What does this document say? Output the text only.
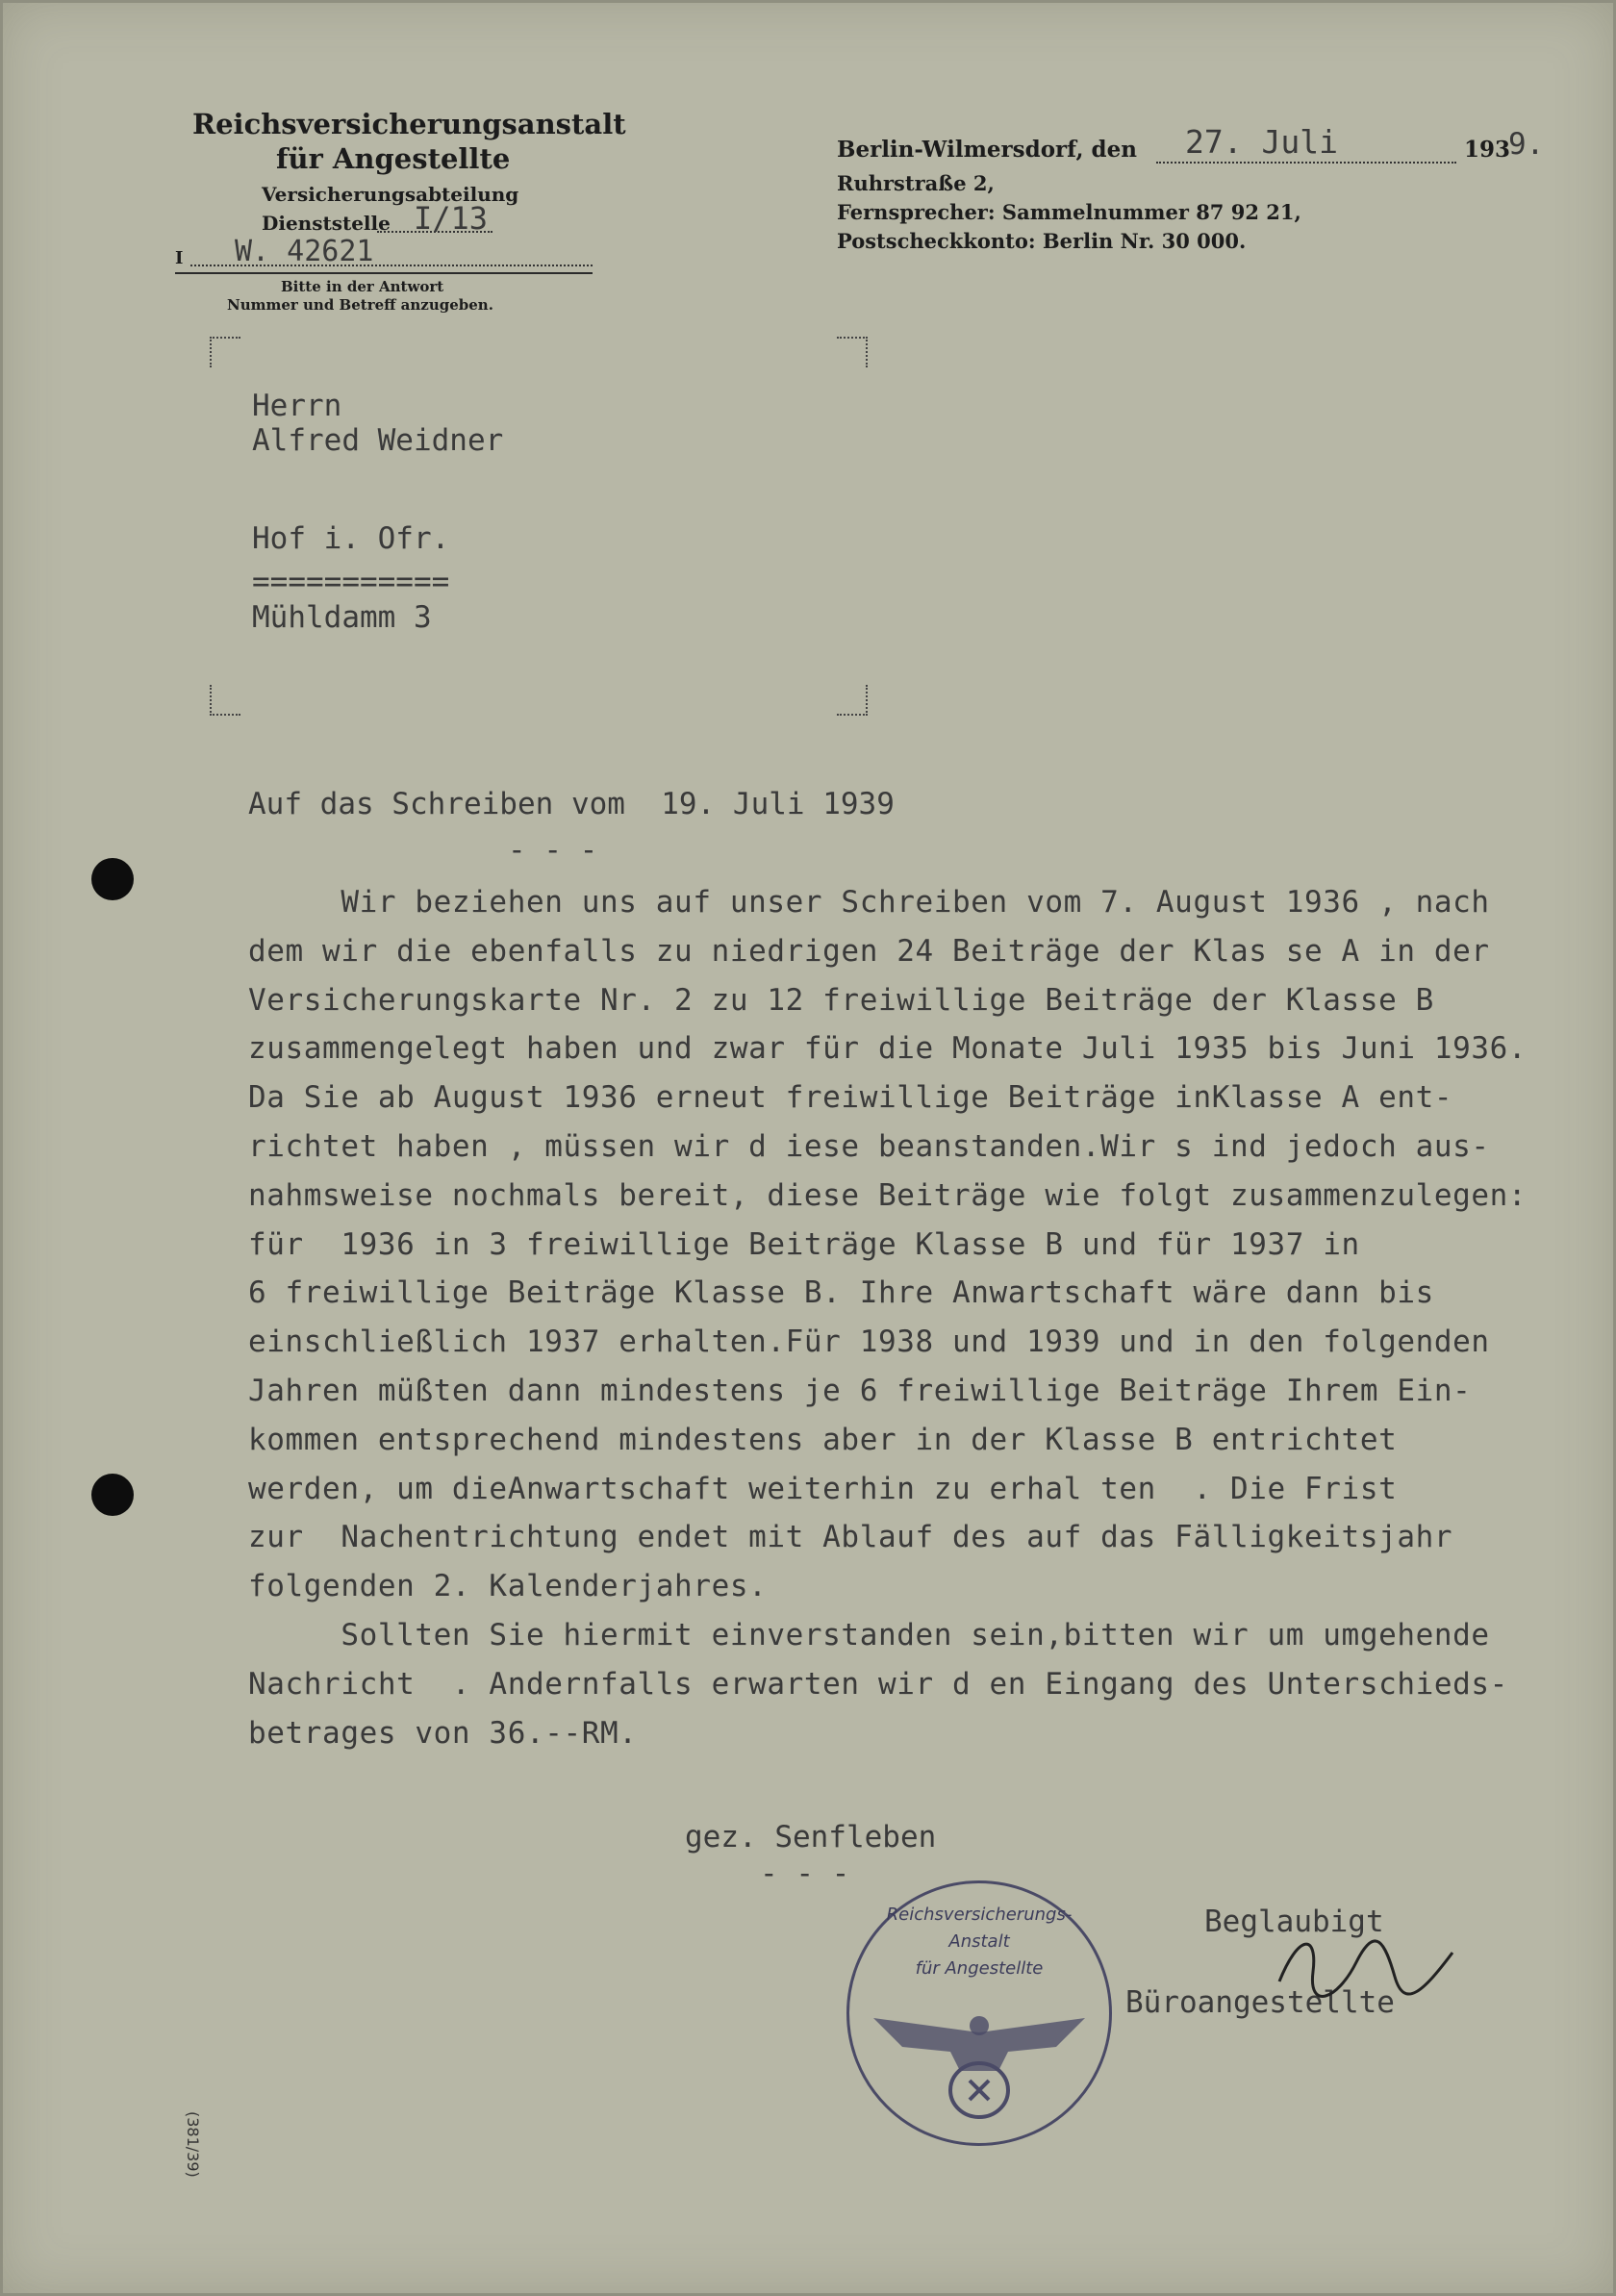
Reichsversicherungsanstalt
für Angestellte
Versicherungsabteilung
Dienststelle I/13
I W. 42621
Bitte in der Antwort
Nummer und Betreff anzugeben.
Berlin-Wilmersdorf, den 27. Juli	193
9.
Ruhrstraße 2,
Fernsprecher: Sammelnummer 87 92 21,
Postscheckkonto: Berlin Nr. 30 000.
Herrn
Alfred Weidner
Hof i. Ofr.
===========
Mühldamm 3
Auf das Schreiben vom  19. Juli 1939
- - -
Wir beziehen uns auf unser Schreiben vom 7. August 1936 , nach
dem wir die ebenfalls zu niedrigen 24 Beiträge der Klas se A in der
Versicherungskarte Nr. 2 zu 12 freiwillige Beiträge der Klasse B
zusammengelegt haben und zwar für die Monate Juli 1935 bis Juni 1936.
Da Sie ab August 1936 erneut freiwillige Beiträge inKlasse A ent-
richtet haben , müssen wir d iese beanstanden.Wir s ind jedoch aus-
nahmsweise nochmals bereit, diese Beiträge wie folgt zusammenzulegen:
für  1936 in 3 freiwillige Beiträge Klasse B und für 1937 in
6 freiwillige Beiträge Klasse B. Ihre Anwartschaft wäre dann bis
einschließlich 1937 erhalten.Für 1938 und 1939 und in den folgenden
Jahren müßten dann mindestens je 6 freiwillige Beiträge Ihrem Ein-
kommen entsprechend mindestens aber in der Klasse B entrichtet
werden, um dieAnwartschaft weiterhin zu erhal ten  . Die Frist
zur  Nachentrichtung endet mit Ablauf des auf das Fälligkeitsjahr
folgenden 2. Kalenderjahres.
Sollten Sie hiermit einverstanden sein,bitten wir um umgehende
Nachricht  . Andernfalls erwarten wir d en Eingang des Unterschieds-
betrages von 36.--RM.
gez. Senfleben
- - -
Beglaubigt
Büroangestellte
Reichsversicherungs-
Anstalt
für Angestellte
(381/39)
